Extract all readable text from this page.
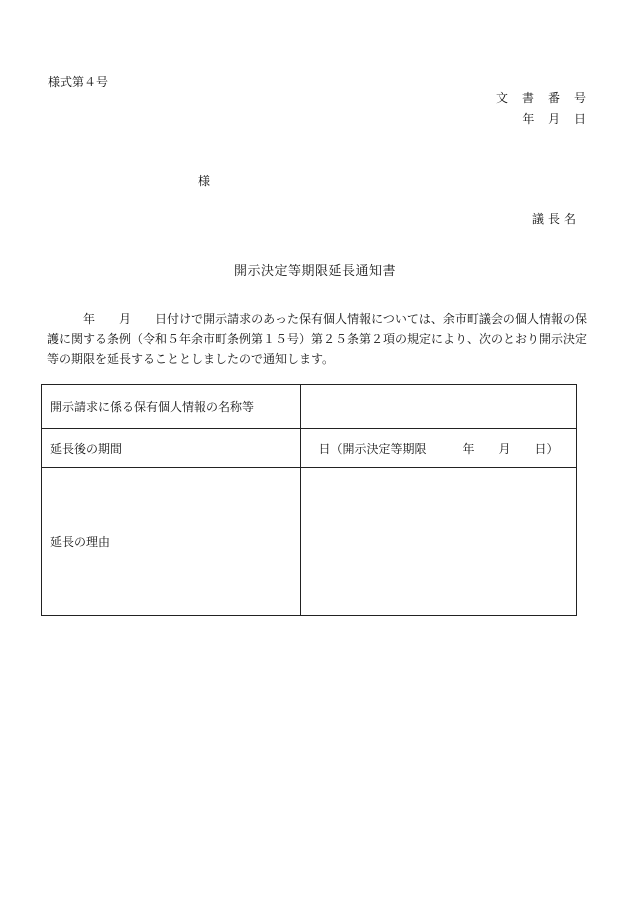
様式第４号
文書番号
年 月 日
様
議長名
開示決定等期限延長通知書
年　　月　　日付けで開示請求のあった保有個人情報については、余市町議会の個人情報の保護に関する条例（令和５年余市町条例第１５号）第２５条第２項の規定により、次のとおり開示決定等の期限を延長することとしましたので通知します。
開示請求に係る保有個人情報の名称等	
延長後の期間	日（開示決定等期限　　　年　　月　　日）
延長の理由	
